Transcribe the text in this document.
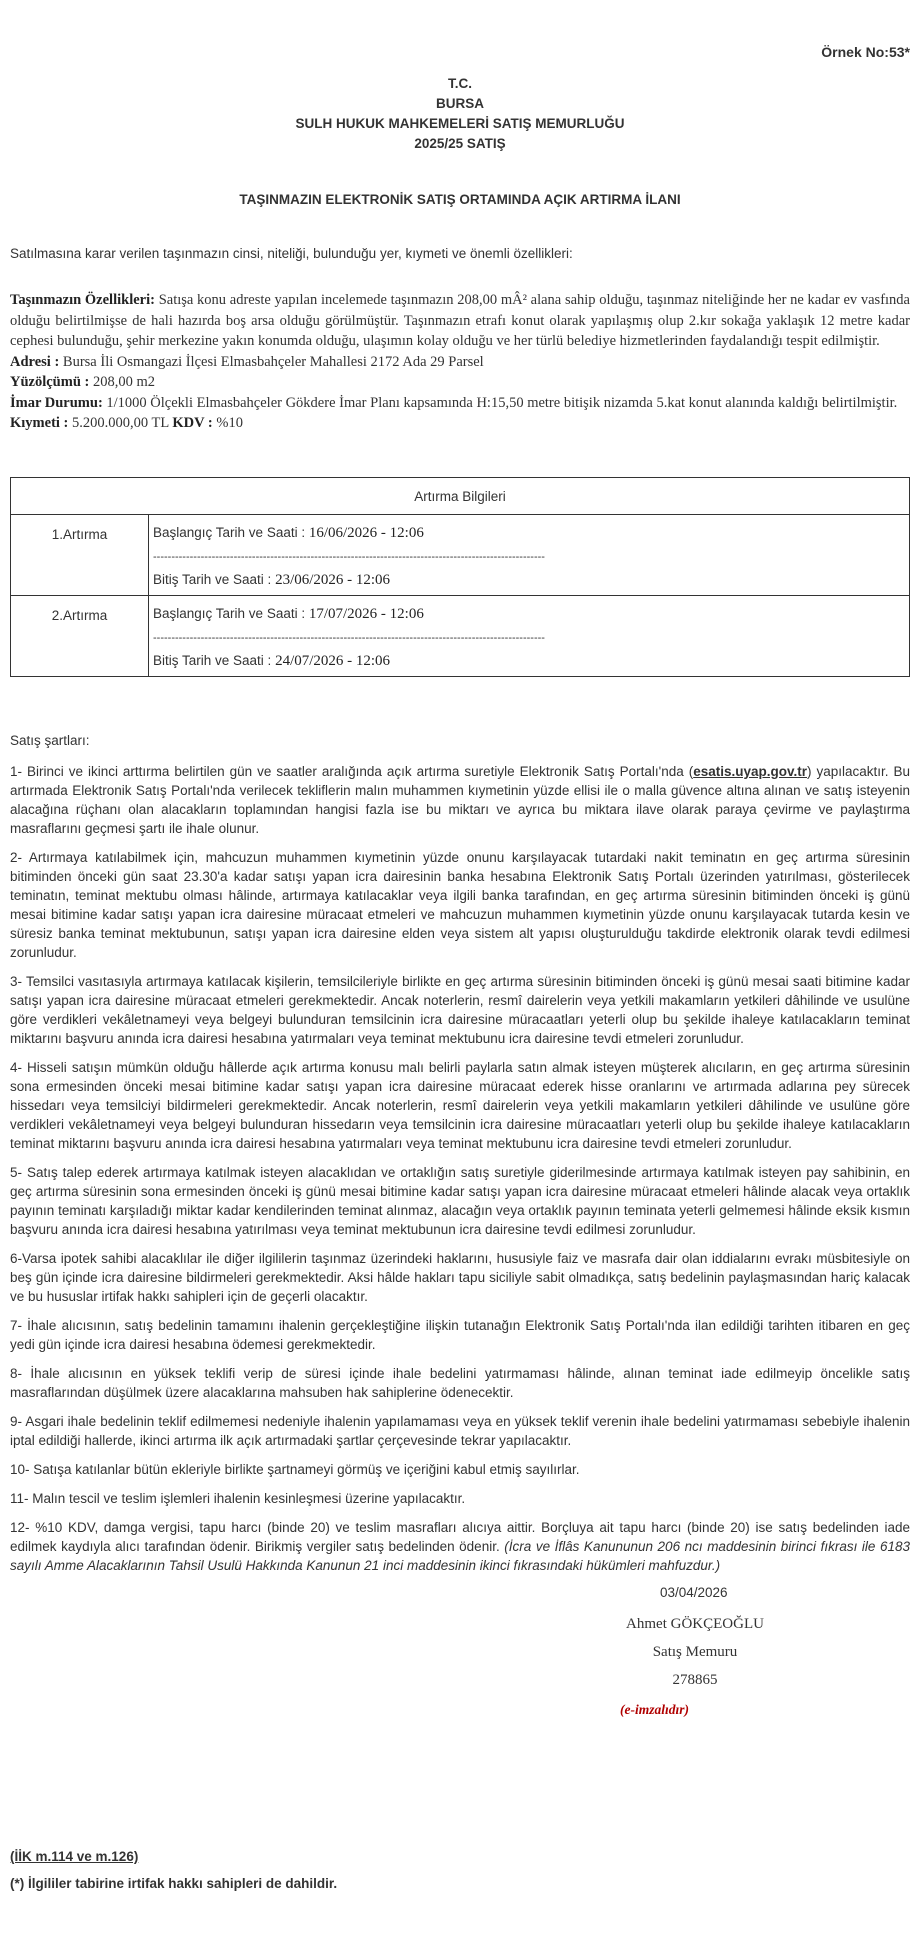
Örnek No:53*
T.C.
BURSA
SULH HUKUK MAHKEMELERİ SATIŞ MEMURLUĞU
2025/25 SATIŞ
TAŞINMAZIN ELEKTRONİK SATIŞ ORTAMINDA AÇIK ARTIRMA İLANI
Satılmasına karar verilen taşınmazın cinsi, niteliği, bulunduğu yer, kıymeti ve önemli özellikleri:

Taşınmazın Özellikleri: Satışa konu adreste yapılan incelemede taşınmazın 208,00 mÂ² alana sahip olduğu, taşınmaz niteliğinde her ne kadar ev vasfında olduğu belirtilmişse de hali hazırda boş arsa olduğu görülmüştür. Taşınmazın etrafı konut olarak yapılaşmış olup 2.kır sokağa yaklaşık 12 metre kadar cephesi bulunduğu, şehir merkezine yakın konumda olduğu, ulaşımın kolay olduğu ve her türlü belediye hizmetlerinden faydalandığı tespit edilmiştir.

Adresi : Bursa İli Osmangazi İlçesi Elmasbahçeler Mahallesi 2172 Ada 29 Parsel

Yüzölçümü : 208,00 m2

İmar Durumu: 1/1000 Ölçekli Elmasbahçeler Gökdere İmar Planı kapsamında H:15,50 metre bitişik nizamda 5.kat konut alanında kaldığı belirtilmiştir.

Kıymeti : 5.200.000,00 TL KDV : %10

Artırma Bilgileri	
1.Artırma	Başlangıç Tarih ve Saati : 16/06/2026 - 12:06
-----------------------------------------------------------------------------------------------------------
Bitiş Tarih ve Saati : 23/06/2026 - 12:06

2.Artırma	Başlangıç Tarih ve Saati : 17/07/2026 - 12:06
-----------------------------------------------------------------------------------------------------------
Bitiş Tarih ve Saati : 24/07/2026 - 12:06

Satış şartları:

1- Birinci ve ikinci arttırma belirtilen gün ve saatler aralığında açık artırma suretiyle Elektronik Satış Portalı'nda (esatis.uyap.gov.tr) yapılacaktır. Bu artırmada Elektronik Satış Portalı'nda verilecek tekliflerin malın muhammen kıymetinin yüzde ellisi ile o malla güvence altına alınan ve satış isteyenin alacağına rüçhanı olan alacakların toplamından hangisi fazla ise bu miktarı ve ayrıca bu miktara ilave olarak paraya çevirme ve paylaştırma masraflarını geçmesi şartı ile ihale olunur.

2- Artırmaya katılabilmek için, mahcuzun muhammen kıymetinin yüzde onunu karşılayacak tutardaki nakit teminatın en geç artırma süresinin bitiminden önceki gün saat 23.30'a kadar satışı yapan icra dairesinin banka hesabına Elektronik Satış Portalı üzerinden yatırılması, gösterilecek teminatın, teminat mektubu olması hâlinde, artırmaya katılacaklar veya ilgili banka tarafından, en geç artırma süresinin bitiminden önceki iş günü mesai bitimine kadar satışı yapan icra dairesine müracaat etmeleri ve mahcuzun muhammen kıymetinin yüzde onunu karşılayacak tutarda kesin ve süresiz banka teminat mektubunun, satışı yapan icra dairesine elden veya sistem alt yapısı oluşturulduğu takdirde elektronik olarak tevdi edilmesi zorunludur.

3- Temsilci vasıtasıyla artırmaya katılacak kişilerin, temsilcileriyle birlikte en geç artırma süresinin bitiminden önceki iş günü mesai saati bitimine kadar satışı yapan icra dairesine müracaat etmeleri gerekmektedir. Ancak noterlerin, resmî dairelerin veya yetkili makamların yetkileri dâhilinde ve usulüne göre verdikleri vekâletnameyi veya belgeyi bulunduran temsilcinin icra dairesine müracaatları yeterli olup bu şekilde ihaleye katılacakların teminat miktarını başvuru anında icra dairesi hesabına yatırmaları veya teminat mektubunu icra dairesine tevdi etmeleri zorunludur.

4- Hisseli satışın mümkün olduğu hâllerde açık artırma konusu malı belirli paylarla satın almak isteyen müşterek alıcıların, en geç artırma süresinin sona ermesinden önceki mesai bitimine kadar satışı yapan icra dairesine müracaat ederek hisse oranlarını ve artırmada adlarına pey sürecek hissedarı veya temsilciyi bildirmeleri gerekmektedir. Ancak noterlerin, resmî dairelerin veya yetkili makamların yetkileri dâhilinde ve usulüne göre verdikleri vekâletnameyi veya belgeyi bulunduran hissedarın veya temsilcinin icra dairesine müracaatları yeterli olup bu şekilde ihaleye katılacakların teminat miktarını başvuru anında icra dairesi hesabına yatırmaları veya teminat mektubunu icra dairesine tevdi etmeleri zorunludur.

5- Satış talep ederek artırmaya katılmak isteyen alacaklıdan ve ortaklığın satış suretiyle giderilmesinde artırmaya katılmak isteyen pay sahibinin, en geç artırma süresinin sona ermesinden önceki iş günü mesai bitimine kadar satışı yapan icra dairesine müracaat etmeleri hâlinde alacak veya ortaklık payının teminatı karşıladığı miktar kadar kendilerinden teminat alınmaz, alacağın veya ortaklık payının teminata yeterli gelmemesi hâlinde eksik kısmın başvuru anında icra dairesi hesabına yatırılması veya teminat mektubunun icra dairesine tevdi edilmesi zorunludur.

6-Varsa ipotek sahibi alacaklılar ile diğer ilgililerin taşınmaz üzerindeki haklarını, hususiyle faiz ve masrafa dair olan iddialarını evrakı müsbitesiyle on beş gün içinde icra dairesine bildirmeleri gerekmektedir. Aksi hâlde hakları tapu siciliyle sabit olmadıkça, satış bedelinin paylaşmasından hariç kalacak ve bu hususlar irtifak hakkı sahipleri için de geçerli olacaktır.

7- İhale alıcısının, satış bedelinin tamamını ihalenin gerçekleştiğine ilişkin tutanağın Elektronik Satış Portalı'nda ilan edildiği tarihten itibaren en geç yedi gün içinde icra dairesi hesabına ödemesi gerekmektedir.

8- İhale alıcısının en yüksek teklifi verip de süresi içinde ihale bedelini yatırmaması hâlinde, alınan teminat iade edilmeyip öncelikle satış masraflarından düşülmek üzere alacaklarına mahsuben hak sahiplerine ödenecektir.

9- Asgari ihale bedelinin teklif edilmemesi nedeniyle ihalenin yapılamaması veya en yüksek teklif verenin ihale bedelini yatırmaması sebebiyle ihalenin iptal edildiği hallerde, ikinci artırma ilk açık artırmadaki şartlar çerçevesinde tekrar yapılacaktır.

10- Satışa katılanlar bütün ekleriyle birlikte şartnameyi görmüş ve içeriğini kabul etmiş sayılırlar.

11- Malın tescil ve teslim işlemleri ihalenin kesinleşmesi üzerine yapılacaktır.

12- %10 KDV, damga vergisi, tapu harcı (binde 20) ve teslim masrafları alıcıya aittir. Borçluya ait tapu harcı (binde 20) ise satış bedelinden iade edilmek kaydıyla alıcı tarafından ödenir. Birikmiş vergiler satış bedelinden ödenir. (İcra ve İflâs Kanununun 206 ncı maddesinin birinci fıkrası ile 6183 sayılı Amme Alacaklarının Tahsil Usulü Hakkında Kanunun 21 inci maddesinin ikinci fıkrasındaki hükümleri mahfuzdur.)

03/04/2026
Ahmet GÖKÇEOĞLU
Satış Memuru
278865
(e-imzalıdır)
(İİK m.114 ve m.126)
(*) İlgililer tabirine irtifak hakkı sahipleri de dahildir.
